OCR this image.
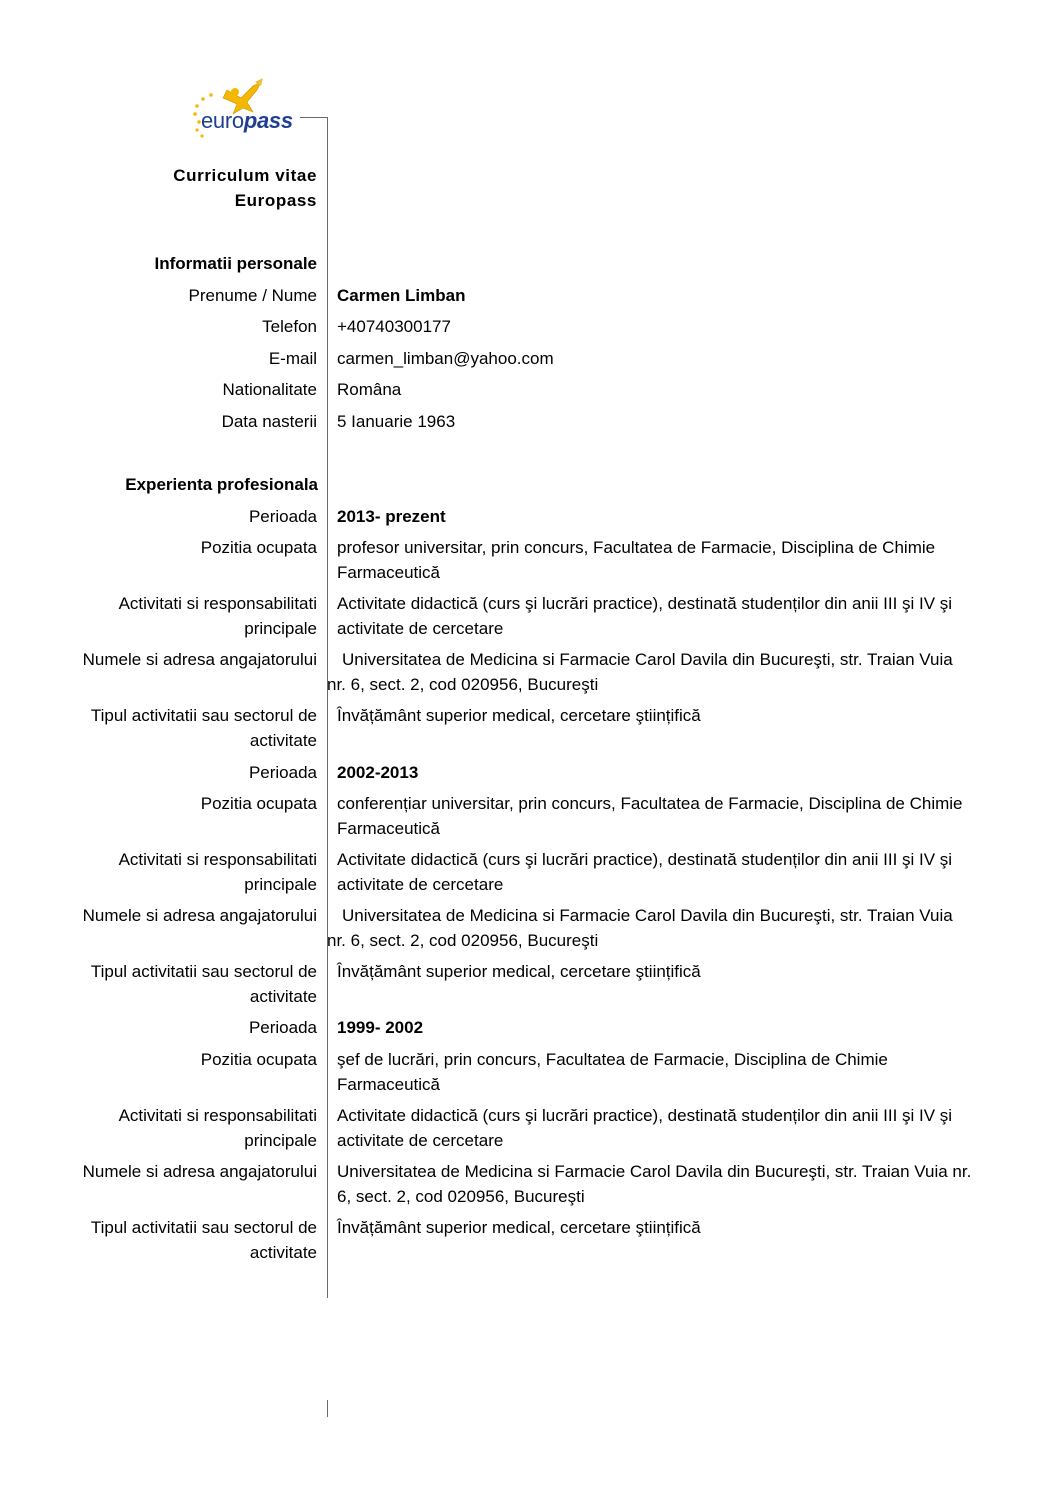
europass
Curriculum vitae
Europass
Informatii personale
Prenume / Nume Carmen Limban
Telefon +40740300177
E-mail carmen_limban@yahoo.com
Nationalitate Româna
Data nasterii 5 Ianuarie 1963
Experienta profesionala
Perioada 2013- prezent
Pozitia ocupata profesor universitar, prin concurs, Facultatea de Farmacie, Disciplina de Chimie
Farmaceutică
Activitati si responsabilitati
principale
Activitate didactică (curs şi lucrări practice), destinată studenților din anii III şi IV şi
activitate de cercetare
Numele si adresa angajatorului Universitatea de Medicina si Farmacie Carol Davila din Bucureşti, str. Traian Vuia
nr. 6, sect. 2, cod 020956, Bucureşti
Tipul activitatii sau sectorul de
activitate
Învățământ superior medical, cercetare ştiințifică
Perioada 2002-2013
Pozitia ocupata conferențiar universitar, prin concurs, Facultatea de Farmacie, Disciplina de Chimie
Farmaceutică
Activitati si responsabilitati
principale
Activitate didactică (curs şi lucrări practice), destinată studenților din anii III şi IV şi
activitate de cercetare
Numele si adresa angajatorului Universitatea de Medicina si Farmacie Carol Davila din Bucureşti, str. Traian Vuia
nr. 6, sect. 2, cod 020956, Bucureşti
Tipul activitatii sau sectorul de
activitate
Învățământ superior medical, cercetare ştiințifică
Perioada 1999- 2002
Pozitia ocupata şef de lucrări, prin concurs, Facultatea de Farmacie, Disciplina de Chimie
Farmaceutică
Activitati si responsabilitati
principale
Activitate didactică (curs şi lucrări practice), destinată studenților din anii III şi IV şi
activitate de cercetare
Numele si adresa angajatorului Universitatea de Medicina si Farmacie Carol Davila din Bucureşti, str. Traian Vuia nr.
6, sect. 2, cod 020956, Bucureşti
Tipul activitatii sau sectorul de
activitate
Învățământ superior medical, cercetare ştiințifică
